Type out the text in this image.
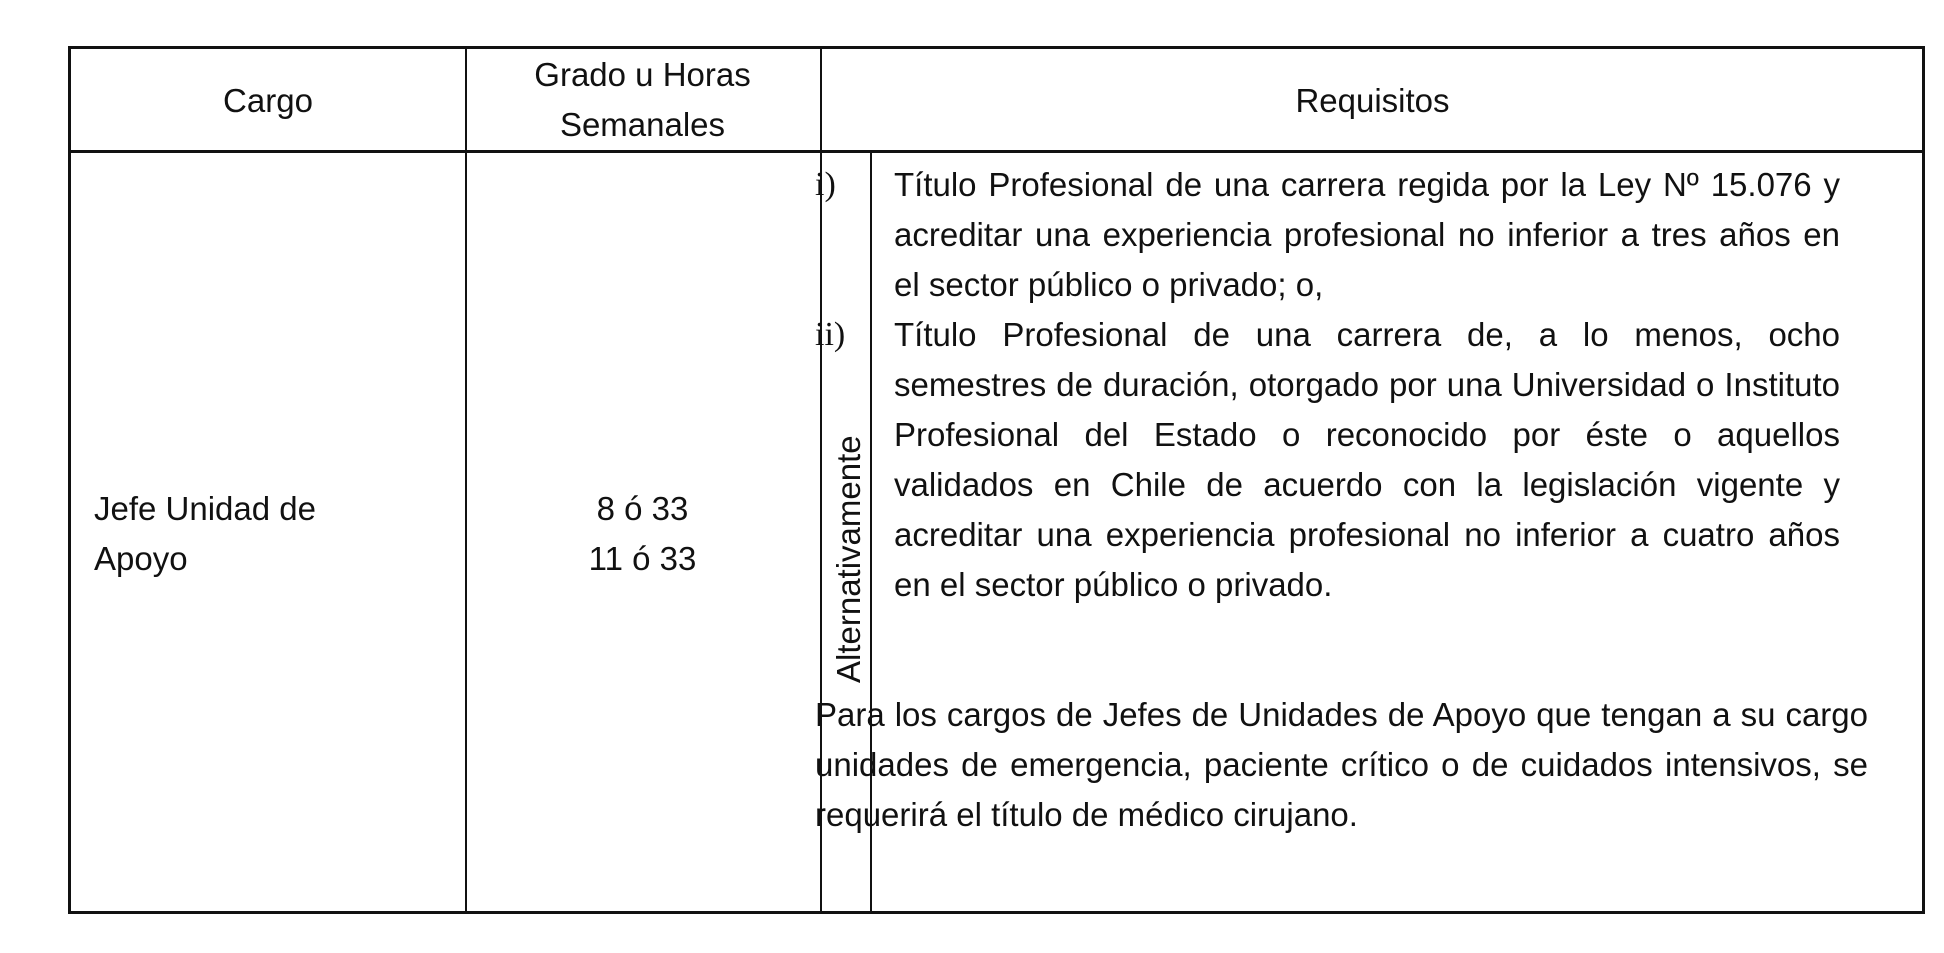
Cargo
Grado u Horas
Semanales
Requisitos
Jefe Unidad de
Apoyo
8 ó 33
11 ó 33	Alternativamente
i) Título Profesional de una carrera regida por la Ley Nº 15.076 y acreditar una experiencia profesional no inferior a tres años en el sector público o privado; o,
ii) Título Profesional de una carrera de, a lo menos, ocho semestres de duración, otorgado por una Universidad o Instituto Profesional del Estado o reconocido por éste o aquellos validados en Chile de acuerdo con la legislación vigente y acreditar una experiencia profesional no inferior a cuatro años en el sector público o privado.

Para los cargos de Jefes de Unidades de Apoyo que tengan a su cargo unidades de emergencia, paciente crítico o de cuidados intensivos, se requerirá el título de médico cirujano.
